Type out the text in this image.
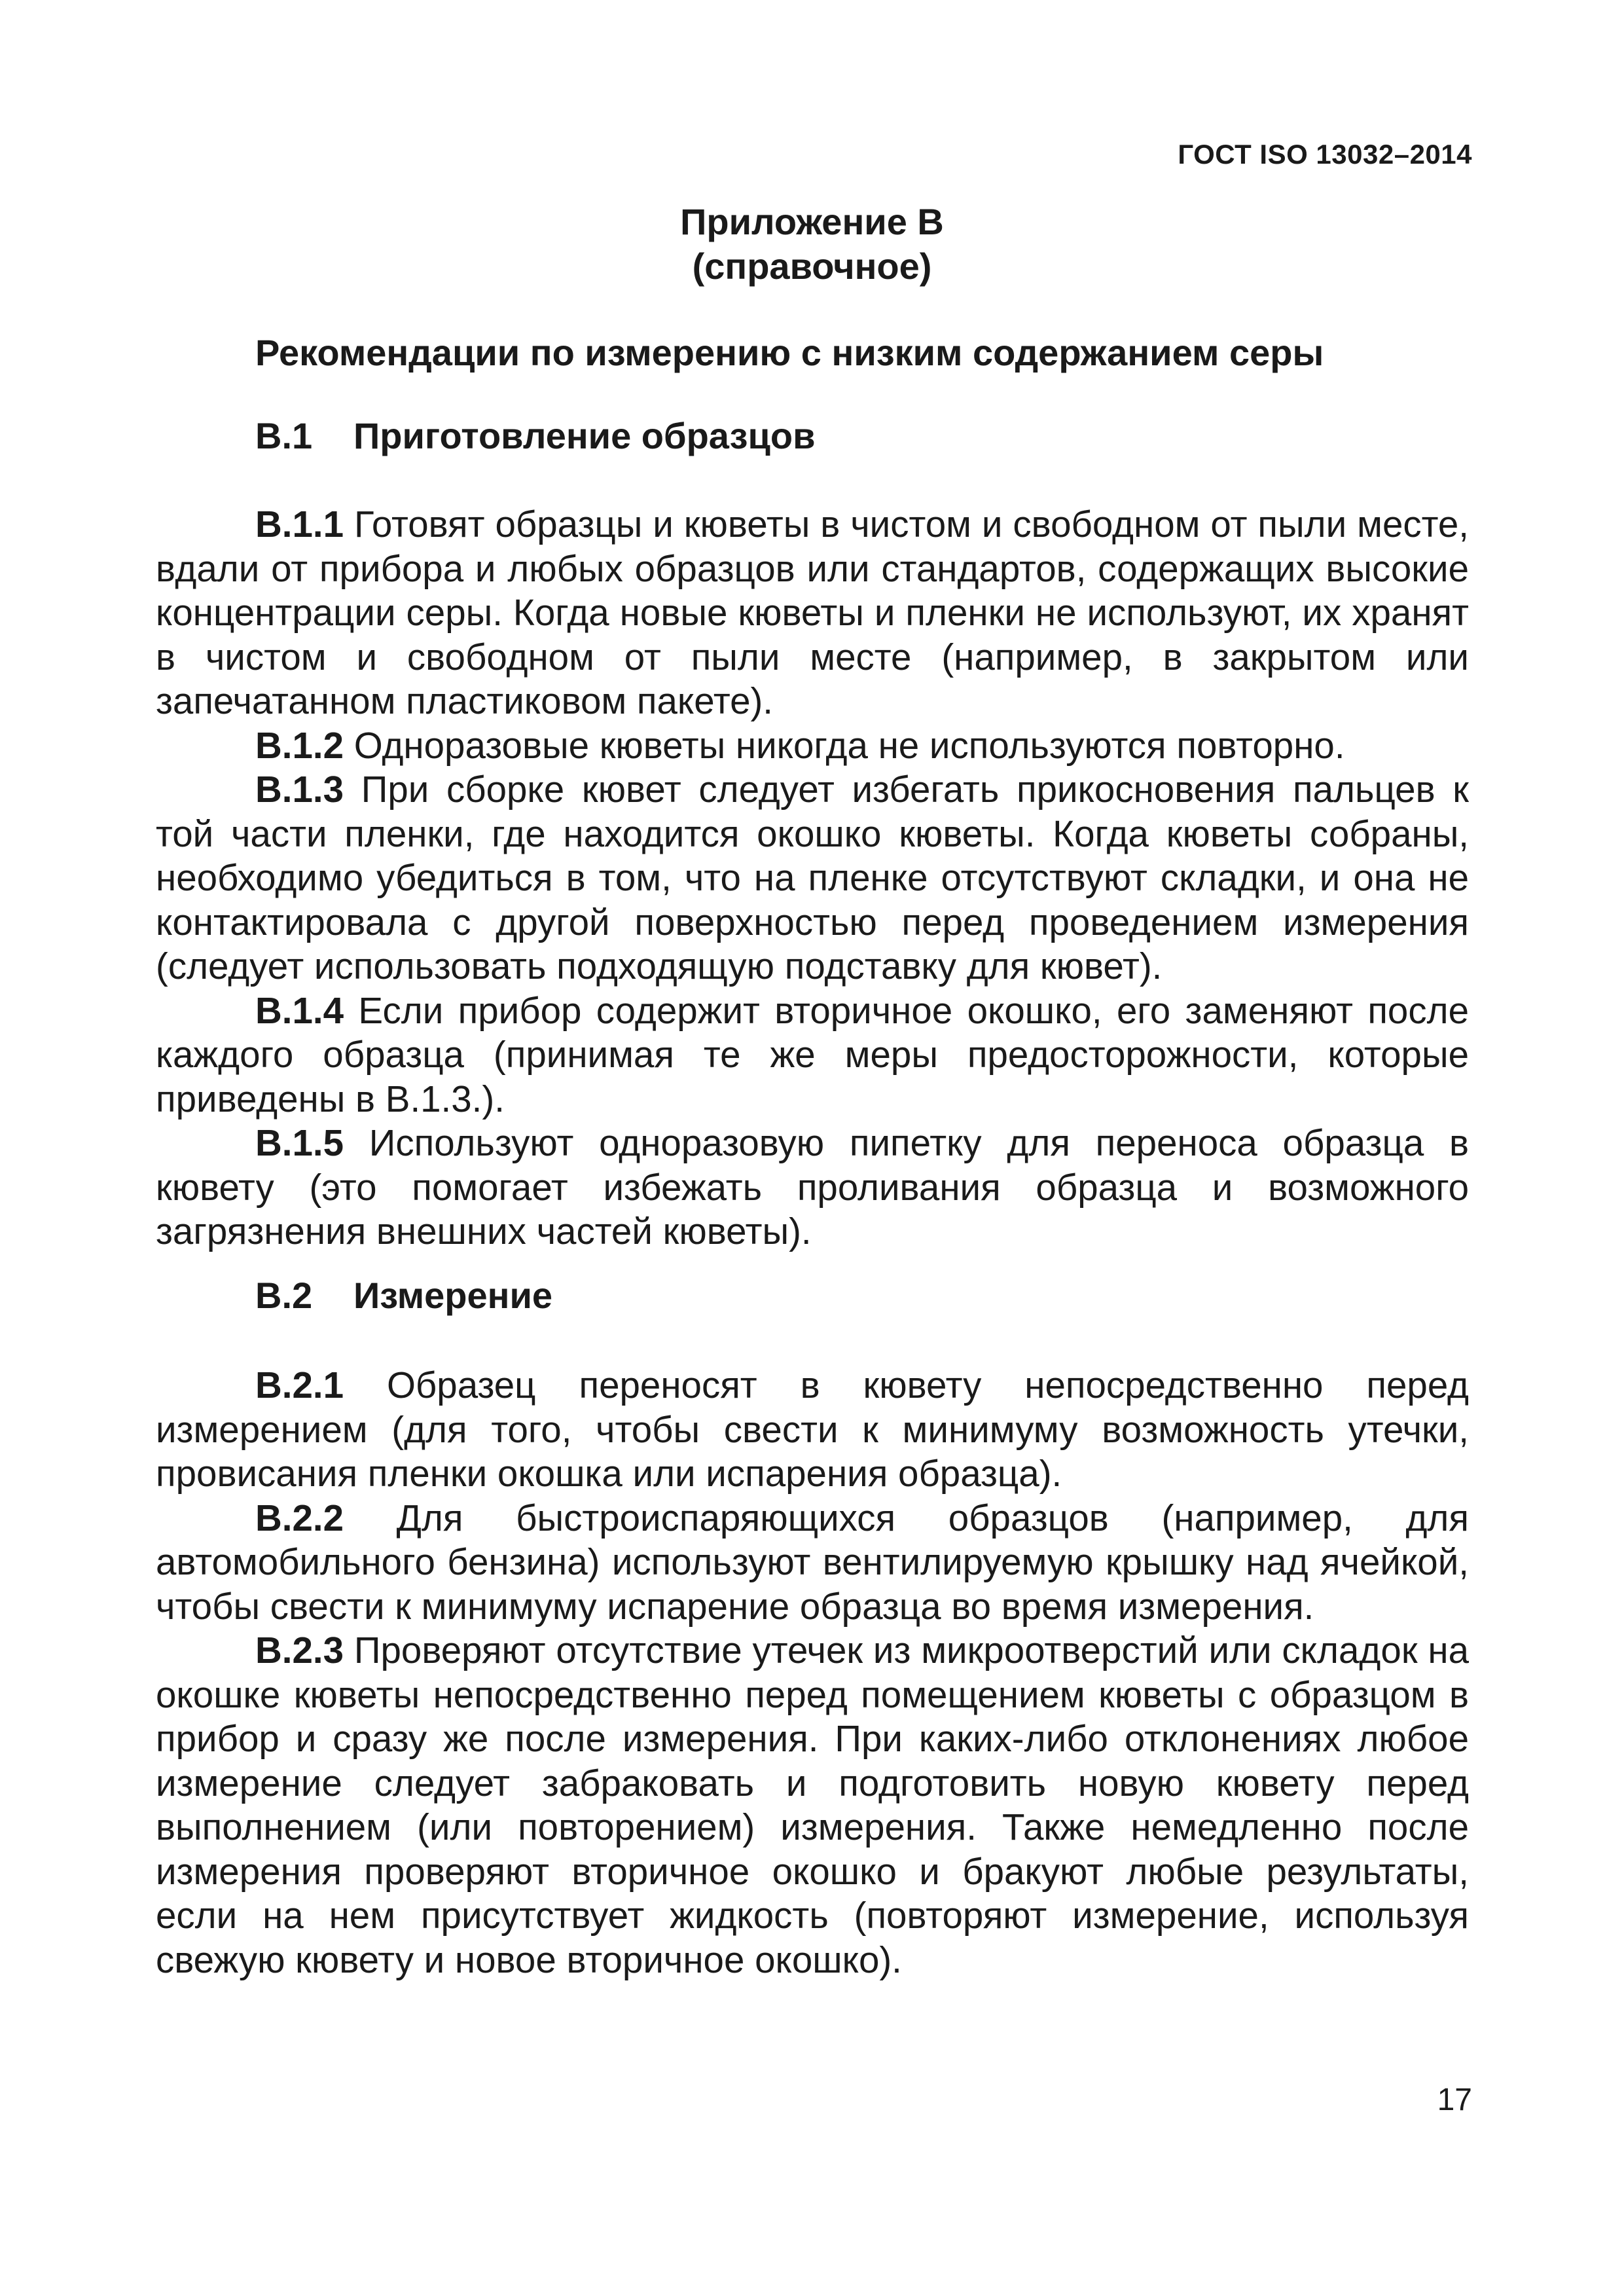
ГОСТ ISO 13032–2014
Приложение В
(справочное)
Рекомендации по измерению с низким содержанием серы
В.1 Приготовление образцов

В.1.1 Готовят образцы и кюветы в чистом и свободном от пыли месте, вдали от прибора и любых образцов или стандартов, содержащих высокие концентрации серы. Когда новые кюветы и пленки не используют, их хранят в чистом и свободном от пыли месте (например, в закрытом или запечатанном пластиковом пакете).

В.1.2 Одноразовые кюветы никогда не используются повторно.

В.1.3 При сборке кювет следует избегать прикосновения пальцев к той части пленки, где находится окошко кюветы. Когда кюветы собраны, необходимо убедиться в том, что на пленке отсутствуют складки, и она не контактировала с другой поверхностью перед проведением измерения (следует использовать подходящую подставку для кювет).

В.1.4 Если прибор содержит вторичное окошко, его заменяют после каждого образца (принимая те же меры предосторожности, которые приведены в В.1.3.).

В.1.5 Используют одноразовую пипетку для переноса образца в кювету (это помогает избежать проливания образца и возможного загрязнения внешних частей кюветы).

В.2 Измерение

В.2.1 Образец переносят в кювету непосредственно перед измерением (для того, чтобы свести к минимуму возможность утечки, провисания пленки окошка или испарения образца).

В.2.2 Для быстроиспаряющихся образцов (например, для автомобильного бензина) используют вентилируемую крышку над ячейкой, чтобы свести к минимуму испарение образца во время измерения.

В.2.3 Проверяют отсутствие утечек из микроотверстий или складок на окошке кюветы непосредственно перед помещением кюветы с образцом в прибор и сразу же после измерения. При каких-либо отклонениях любое измерение следует забраковать и подготовить новую кювету перед выполнением (или повторением) измерения. Также немедленно после измерения проверяют вторичное окошко и бракуют любые результаты, если на нем присутствует жидкость (повторяют измерение, используя свежую кювету и новое вторичное окошко).

17
